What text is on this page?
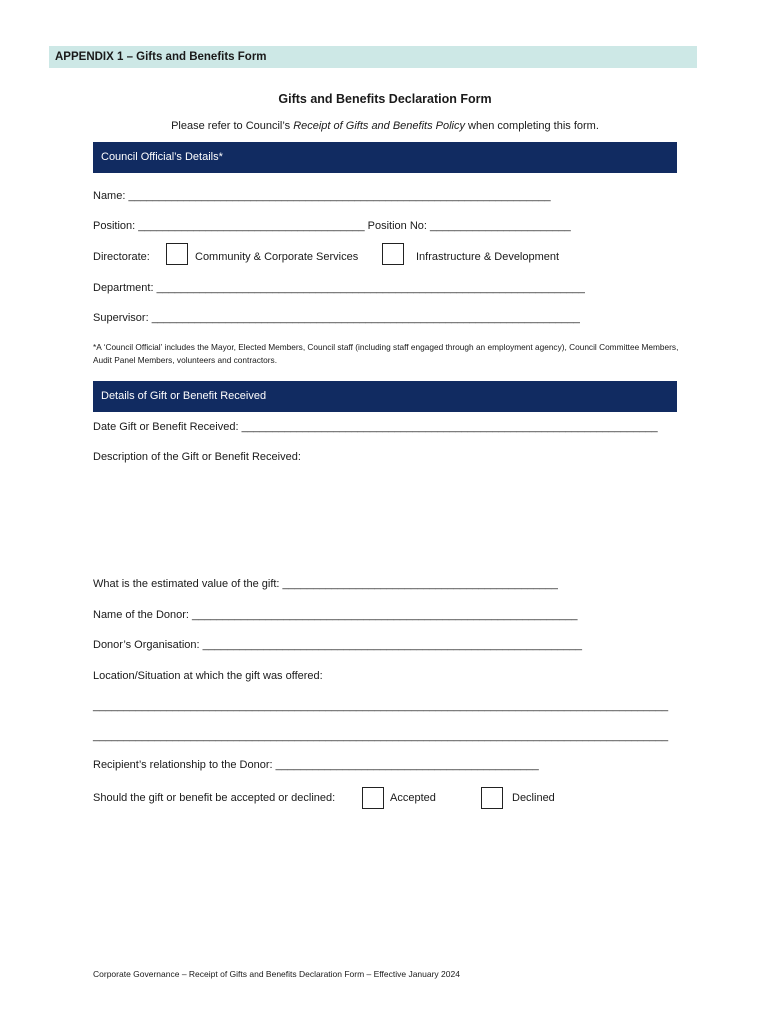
APPENDIX 1 – Gifts and Benefits Form
Gifts and Benefits Declaration Form
Please refer to Council’s Receipt of Gifts and Benefits Policy when completing this form.
Council Official’s Details*
Name: _____________________________________________________________________
Position: _____________________________________ Position No: _______________________
Directorate:	Community & Corporate Services	Infrastructure & Development
Department: ______________________________________________________________________
Supervisor: ______________________________________________________________________
*A ‘Council Official’ includes the Mayor, Elected Members, Council staff (including staff engaged through an employment agency), Council Committee Members, Audit Panel Members, volunteers and contractors.
Details of Gift or Benefit Received
Date Gift or Benefit Received: ____________________________________________________________________
Description of the Gift or Benefit Received:
What is the estimated value of the gift: _____________________________________________
Name of the Donor: _______________________________________________________________
Donor’s Organisation: ______________________________________________________________
Location/Situation at which the gift was offered:
______________________________________________________________________________________________
______________________________________________________________________________________________
Recipient’s relationship to the Donor: ___________________________________________
Should the gift or benefit be accepted or declined:	Accepted	Declined
Corporate Governance – Receipt of Gifts and Benefits Declaration Form – Effective January 2024
